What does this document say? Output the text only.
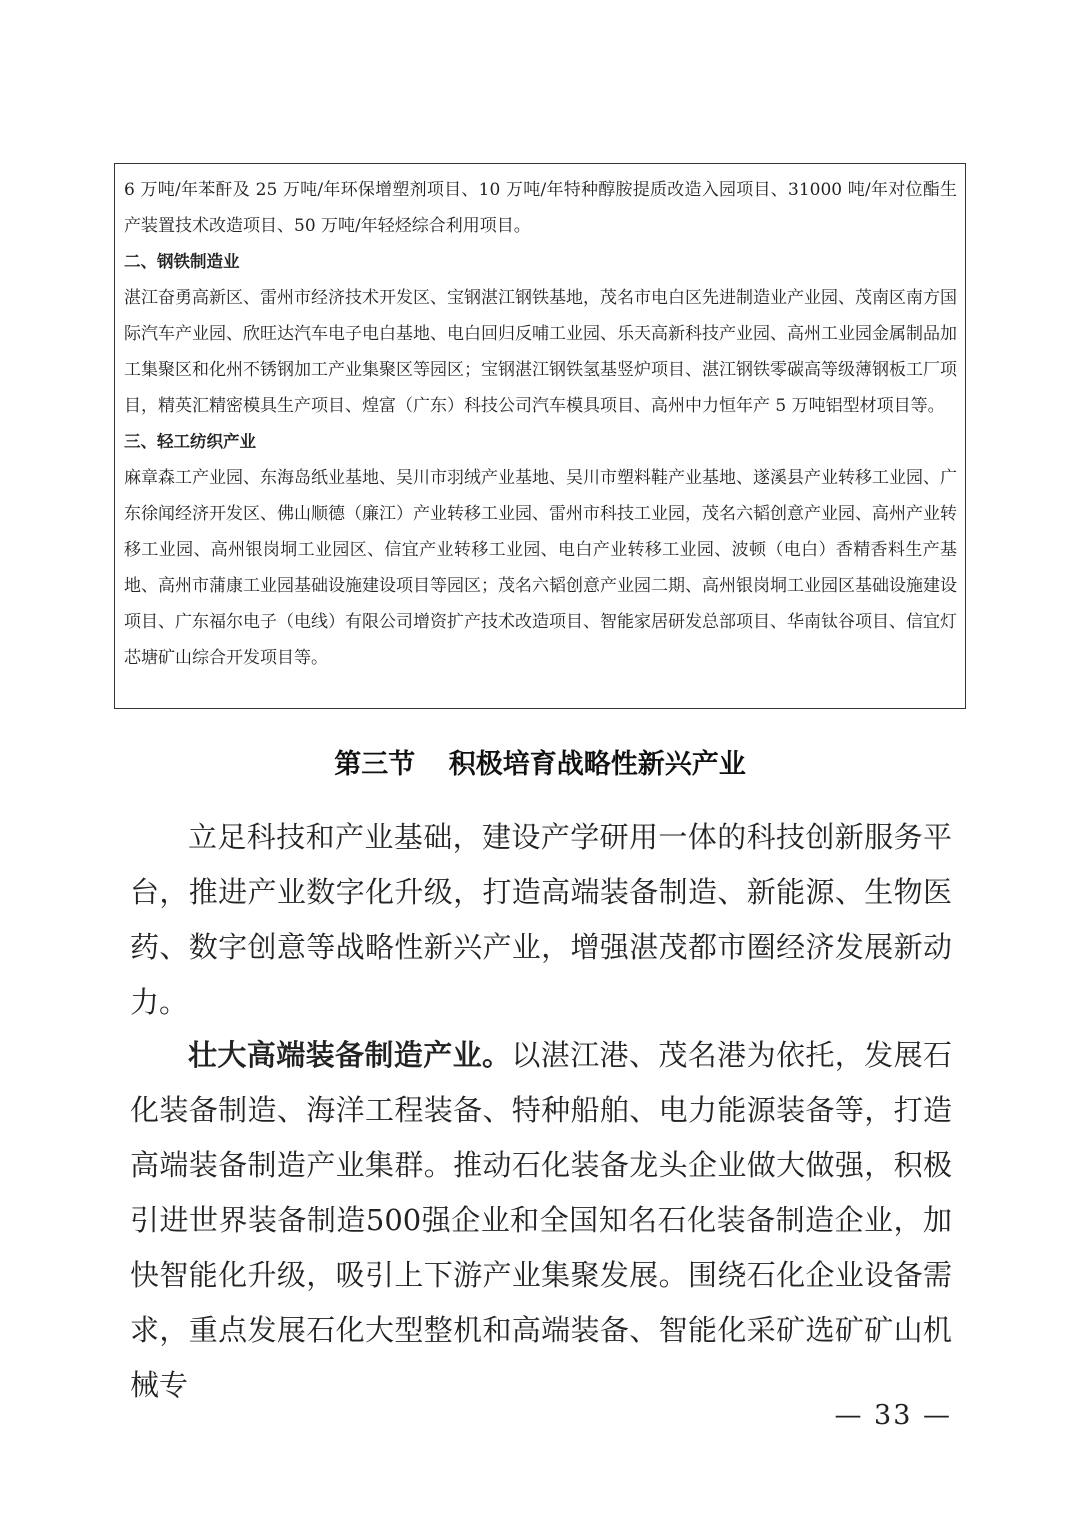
6 万吨/年苯酐及 25 万吨/年环保增塑剂项目、10 万吨/年特种醇胺提质改造入园项目、31000 吨/年对位酯生产装置技术改造项目、50 万吨/年轻烃综合利用项目。

二、钢铁制造业

湛江奋勇高新区、雷州市经济技术开发区、宝钢湛江钢铁基地，茂名市电白区先进制造业产业园、茂南区南方国际汽车产业园、欣旺达汽车电子电白基地、电白回归反哺工业园、乐天高新科技产业园、高州工业园金属制品加工集聚区和化州不锈钢加工产业集聚区等园区；宝钢湛江钢铁氢基竖炉项目、湛江钢铁零碳高等级薄钢板工厂项目，精英汇精密模具生产项目、煌富（广东）科技公司汽车模具项目、高州中力恒年产 5 万吨铝型材项目等。

三、轻工纺织产业

麻章森工产业园、东海岛纸业基地、吴川市羽绒产业基地、吴川市塑料鞋产业基地、遂溪县产业转移工业园、广东徐闻经济开发区、佛山顺德（廉江）产业转移工业园、雷州市科技工业园，茂名六韬创意产业园、高州产业转移工业园、高州银岗垌工业园区、信宜产业转移工业园、电白产业转移工业园、波顿（电白）香精香料生产基地、高州市蒲康工业园基础设施建设项目等园区；茂名六韬创意产业园二期、高州银岗垌工业园区基础设施建设项目、广东福尔电子（电线）有限公司增资扩产技术改造项目、智能家居研发总部项目、华南钛谷项目、信宜灯芯塘矿山综合开发项目等。

第三节 积极培育战略性新兴产业

立足科技和产业基础，建设产学研用一体的科技创新服务平台，推进产业数字化升级，打造高端装备制造、新能源、生物医药、数字创意等战略性新兴产业，增强湛茂都市圈经济发展新动力。

壮大高端装备制造产业。以湛江港、茂名港为依托，发展石化装备制造、海洋工程装备、特种船舶、电力能源装备等，打造高端装备制造产业集群。推动石化装备龙头企业做大做强，积极引进世界装备制造500强企业和全国知名石化装备制造企业，加快智能化升级，吸引上下游产业集聚发展。围绕石化企业设备需求，重点发展石化大型整机和高端装备、智能化采矿选矿矿山机械专

— 33 —
